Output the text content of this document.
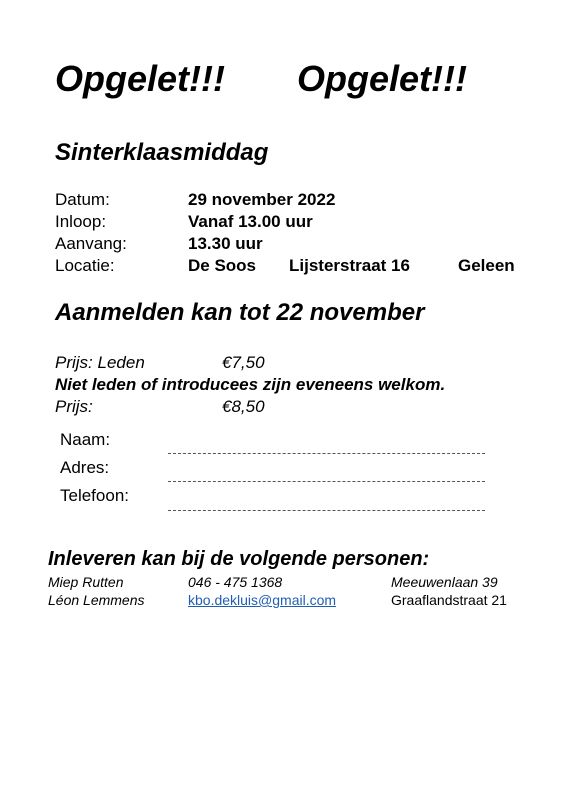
Opgelet!!! Opgelet!!!
Sinterklaasmiddag
Datum:	29 november 2022
Inloop:	Vanaf 13.00 uur
Aanvang:	13.30 uur
Locatie:	De Soos Lijsterstraat 16	Geleen
Aanmelden kan tot 22 november
Prijs: Leden	€7,50
Niet leden of introducees zijn eveneens welkom.
Prijs:	€8,50
Naam:
Adres:
Telefoon:
Inleveren kan bij de volgende personen:
Miep Rutten	046 - 475 1368	Meeuwenlaan 39
Léon Lemmens	kbo.dekluis@gmail.com	Graaflandstraat 21
